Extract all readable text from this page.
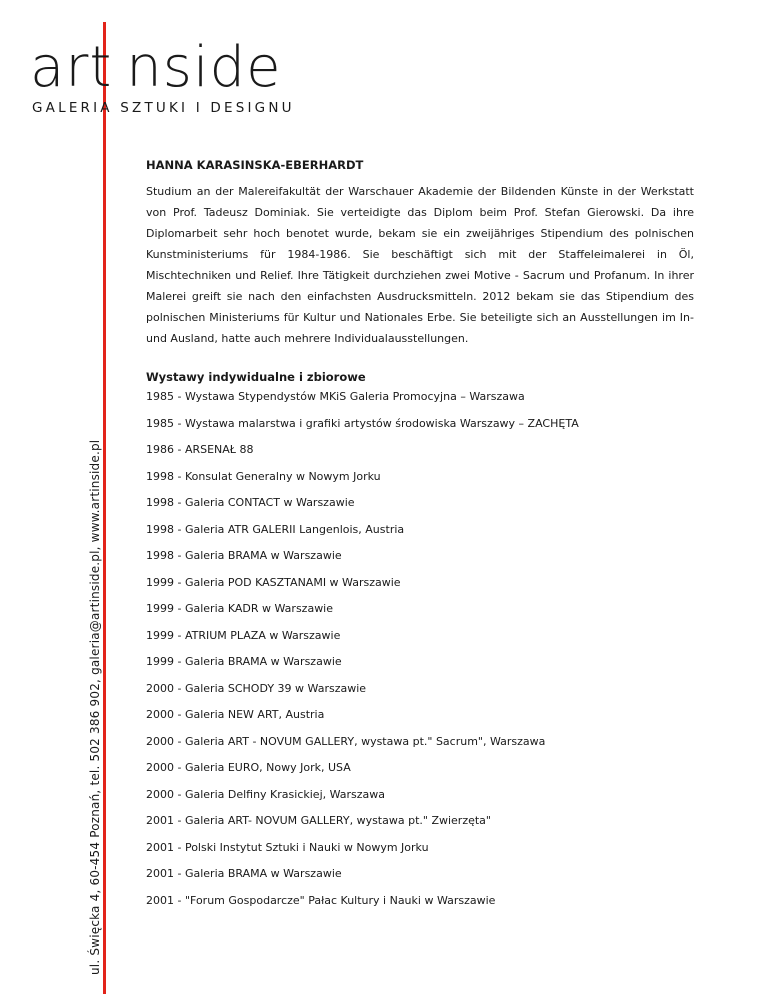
art nside
GALERIA SZTUKI I DESIGNU
ul. Święcka 4, 60-454 Poznań, tel. 502 386 902, galeria@artinside.pl, www.artinside.pl
HANNA KARASINSKA-EBERHARDT

Studium an der Malereifakultät der Warschauer Akademie der Bildenden Künste in der Werkstatt von Prof. Tadeusz Dominiak. Sie verteidigte das Diplom beim Prof. Stefan Gierowski. Da ihre Diplomarbeit sehr hoch benotet wurde, bekam sie ein zweijähriges Stipendium des polnischen Kunstministeriums für 1984-1986. Sie beschäftigt sich mit der Staffeleimalerei in Öl, Mischtechniken und Relief. Ihre Tätigkeit durchziehen zwei Motive - Sacrum und Profanum. In ihrer Malerei greift sie nach den einfachsten Ausdrucksmitteln. 2012 bekam sie das Stipendium des polnischen Ministeriums für Kultur und Nationales Erbe. Sie beteiligte sich an Ausstellungen im In- und Ausland, hatte auch mehrere Individualausstellungen.

Wystawy indywidualne i zbiorowe
1985 - Wystawa Stypendystów MKiS Galeria Promocyjna – Warszawa
1985 - Wystawa malarstwa i grafiki artystów środowiska Warszawy – ZACHĘTA
1986 - ARSENAŁ 88
1998 - Konsulat Generalny w Nowym Jorku
1998 - Galeria CONTACT w Warszawie
1998 - Galeria ATR GALERII Langenlois, Austria
1998 - Galeria BRAMA w Warszawie
1999 - Galeria POD KASZTANAMI w Warszawie
1999 - Galeria KADR w Warszawie
1999 - ATRIUM PLAZA w Warszawie
1999 - Galeria BRAMA w Warszawie
2000 - Galeria SCHODY 39 w Warszawie
2000 - Galeria NEW ART, Austria
2000 - Galeria ART - NOVUM GALLERY, wystawa pt." Sacrum", Warszawa
2000 - Galeria EURO, Nowy Jork, USA
2000 - Galeria Delfiny Krasickiej, Warszawa
2001 - Galeria ART- NOVUM GALLERY, wystawa pt." Zwierzęta"
2001 - Polski Instytut Sztuki i Nauki w Nowym Jorku
2001 - Galeria BRAMA w Warszawie
2001 - "Forum Gospodarcze" Pałac Kultury i Nauki w Warszawie
